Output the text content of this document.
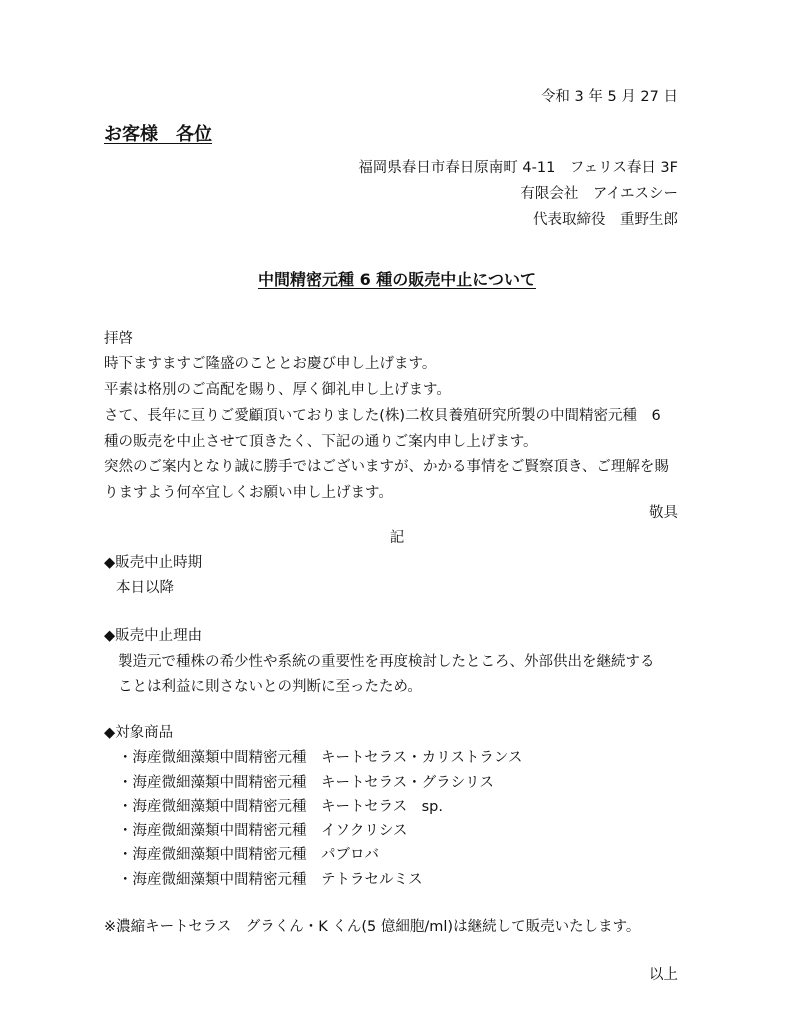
令和 3 年 5 月 27 日
お客様　各位
福岡県春日市春日原南町 4-11　フェリス春日 3F
有限会社　アイエスシー
代表取締役　重野生郎
中間精密元種 6 種の販売中止について
拝啓
時下ますますご隆盛のこととお慶び申し上げます。
平素は格別のご高配を賜り、厚く御礼申し上げます。
さて、長年に亘りご愛顧頂いておりました(株)二枚貝養殖研究所製の中間精密元種　6
種の販売を中止させて頂きたく、下記の通りご案内申し上げます。
突然のご案内となり誠に勝手ではございますが、かかる事情をご賢察頂き、ご理解を賜
りますよう何卒宜しくお願い申し上げます。
敬具
記
◆販売中止時期
本日以降
◆販売中止理由
製造元で種株の希少性や系統の重要性を再度検討したところ、外部供出を継続する
ことは利益に則さないとの判断に至ったため。
◆対象商品
・海産微細藻類中間精密元種　キートセラス・カリストランス
・海産微細藻類中間精密元種　キートセラス・グラシリス
・海産微細藻類中間精密元種　キートセラス　sp.
・海産微細藻類中間精密元種　イソクリシス
・海産微細藻類中間精密元種　パブロバ
・海産微細藻類中間精密元種　テトラセルミス
※濃縮キートセラス　グラくん・K くん(5 億細胞/ml)は継続して販売いたします。
以上
